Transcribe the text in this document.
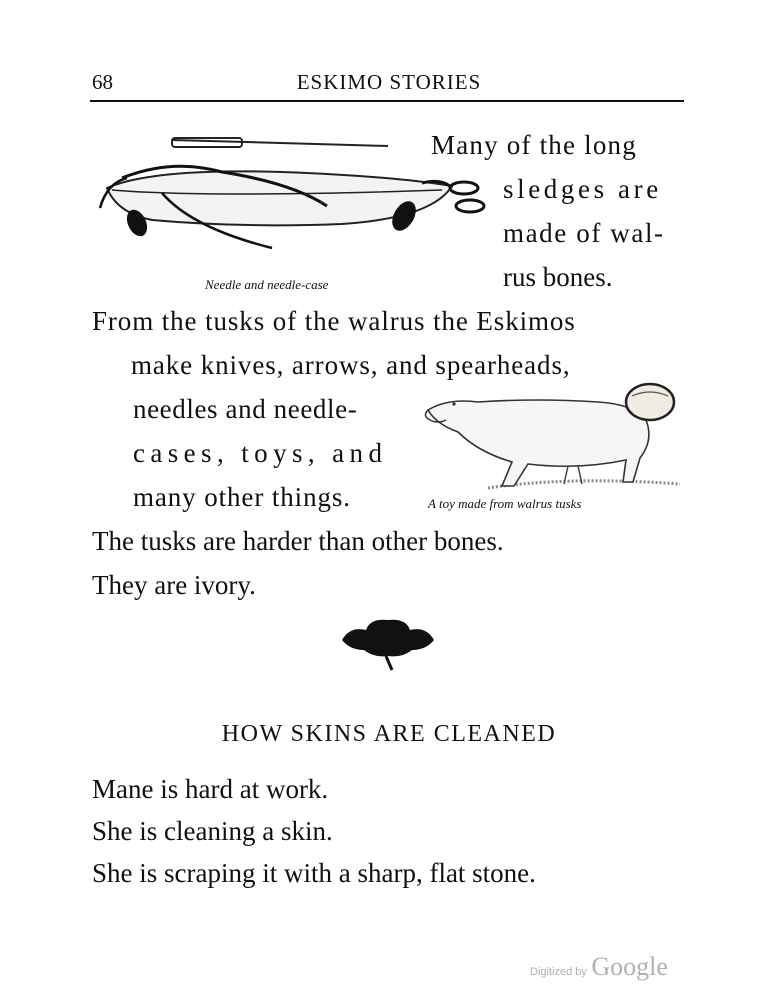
68	ESKIMO STORIES
Needle and needle-case
Many of the long
sledges are
made of wal-
rus bones.
From the tusks of the walrus the Eskimos
make knives, arrows, and spearheads,
needles and needle-
cases, toys, and
many other things.	A toy made from walrus tusks
The tusks are harder than other bones.
They are ivory.
HOW SKINS ARE CLEANED
Mane is hard at work.
She is cleaning a skin.
She is scraping it with a sharp, flat stone.
Digitized by Google
